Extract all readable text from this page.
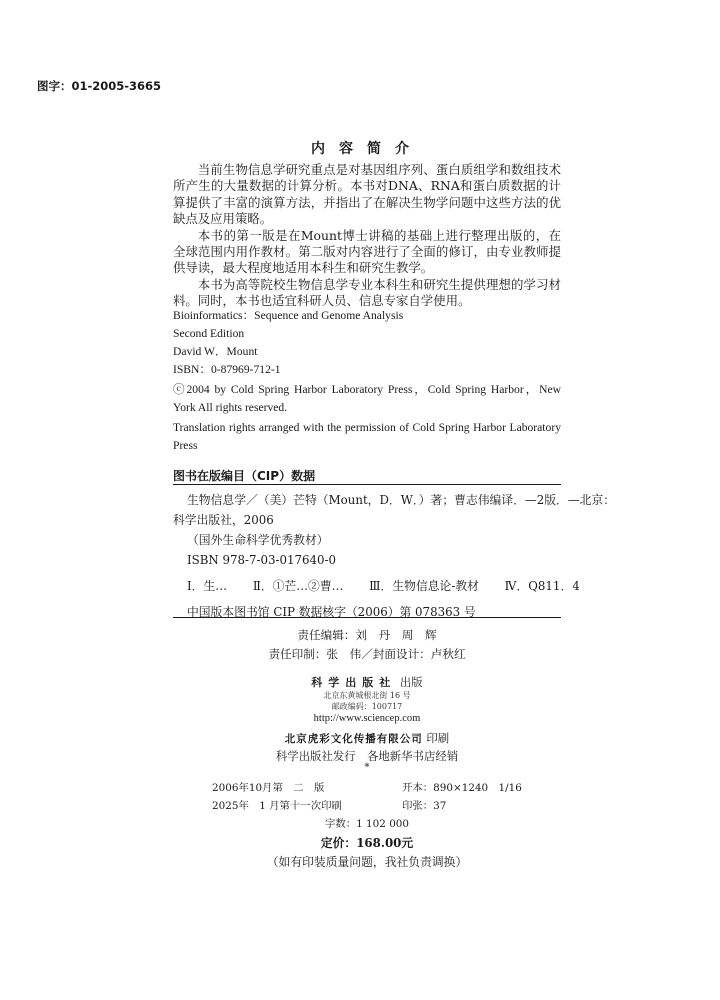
图字：01-2005-3665
内容简介

当前生物信息学研究重点是对基因组序列、蛋白质组学和数组技术所产生的大量数据的计算分析。本书对DNA、RNA和蛋白质数据的计算提供了丰富的演算方法，并指出了在解决生物学问题中这些方法的优缺点及应用策略。

本书的第一版是在Mount博士讲稿的基础上进行整理出版的，在全球范围内用作教材。第二版对内容进行了全面的修订，由专业教师提供导读，最大程度地适用本科生和研究生教学。

本书为高等院校生物信息学专业本科生和研究生提供理想的学习材料。同时，本书也适宜科研人员、信息专家自学使用。

Bioinformatics：Sequence and Genome Analysis
Second Edition
David W．Mount
ISBN：0-87969-712-1
ⓒ2004 by Cold Spring Harbor Laboratory Press，Cold Spring Harbor，New York All rights reserved.
Translation rights arranged with the permission of Cold Spring Harbor Laboratory Press
图书在版编目（CIP）数据
生物信息学／（美）芒特（Mount，D．W．）著；曹志伟编译．—2版．—北京：
科学出版社，2006
（国外生命科学优秀教材）
ISBN 978-7-03-017640-0
Ⅰ．生… Ⅱ．①芒…②曹… Ⅲ．生物信息论-教材 Ⅳ．Q811．4
中国版本图书馆 CIP 数据核字（2006）第 078363 号
责任编辑：刘　丹　周　辉
责任印制：张　伟／封面设计：卢秋红
科学出版社 出版
北京东黄城根北街 16 号
邮政编码：100717
http://www.sciencep.com
北京虎彩文化传播有限公司 印刷
科学出版社发行　各地新华书店经销
*
2006年10月第　二　版	开本：890×1240　1/16
2025年　1 月第十一次印刷	印张：37
字数：1 102 000
定价：168.00元
（如有印装质量问题，我社负责调换）
